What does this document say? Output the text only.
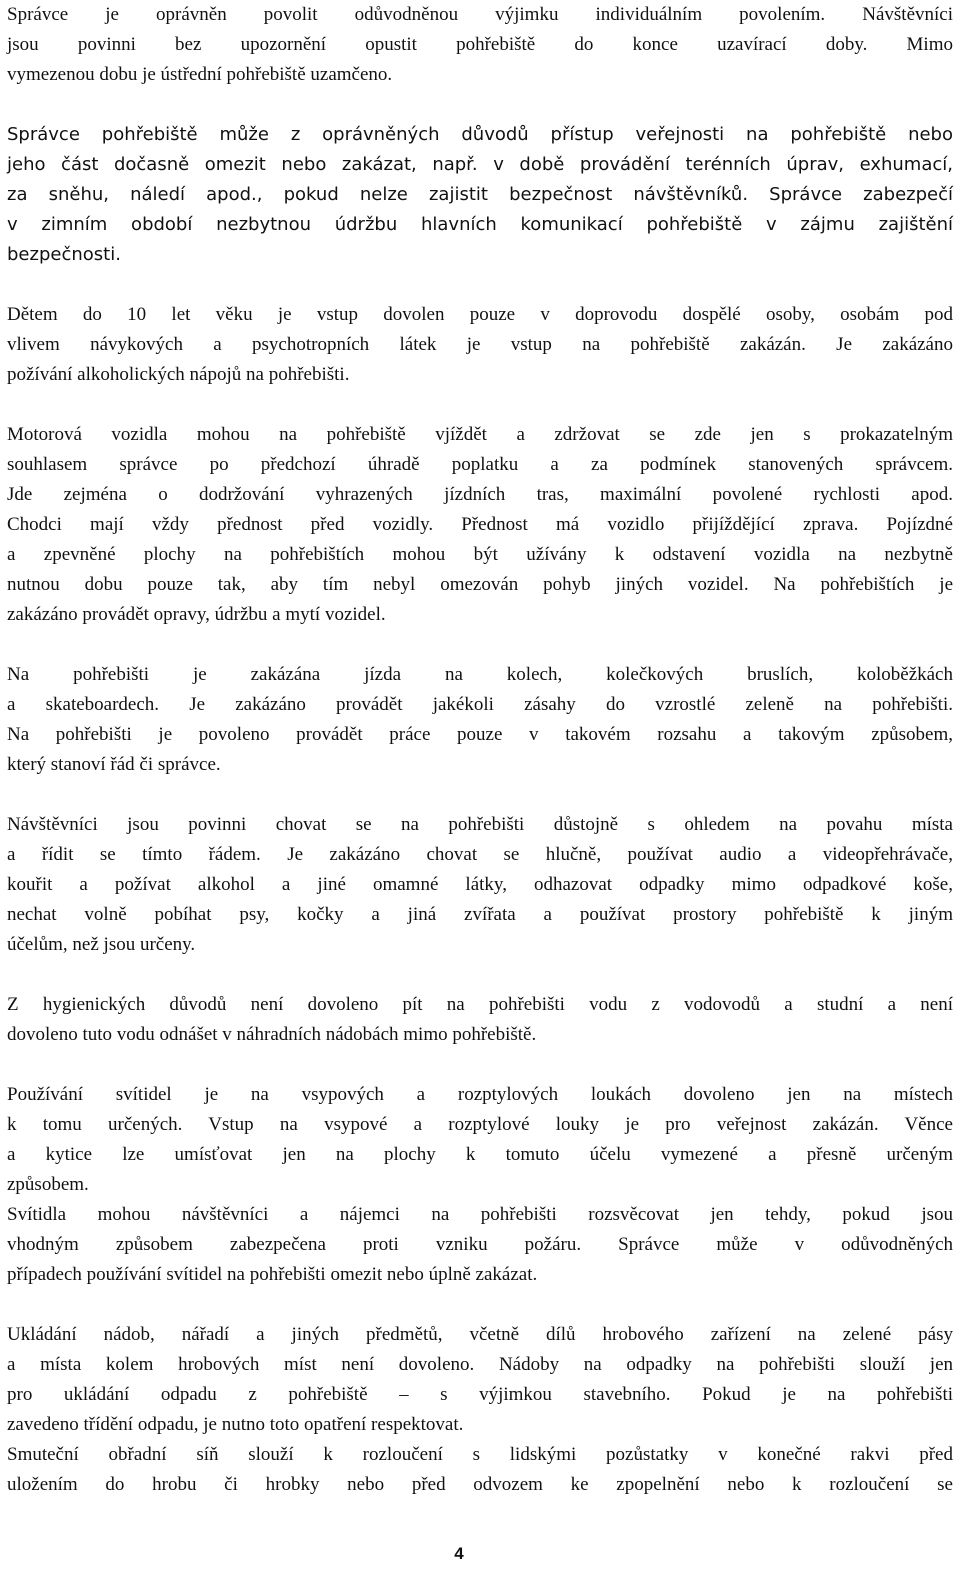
Správce je oprávněn povolit odůvodněnou výjimku individuálním povolením. Návštěvníci
jsou povinni bez upozornění opustit pohřebiště do konce uzavírací doby. Mimo
vymezenou dobu je ústřední pohřebiště uzamčeno.
Správce pohřebiště může z oprávněných důvodů přístup veřejnosti na pohřebiště nebo
jeho část dočasně omezit nebo zakázat, např. v době provádění terénních úprav, exhumací,
za sněhu, náledí apod., pokud nelze zajistit bezpečnost návštěvníků. Správce zabezpečí
v zimním období nezbytnou údržbu hlavních komunikací pohřebiště v zájmu zajištění
bezpečnosti.
Dětem do 10 let věku je vstup dovolen pouze v doprovodu dospělé osoby, osobám pod
vlivem návykových a psychotropních látek je vstup na pohřebiště zakázán. Je zakázáno
požívání alkoholických nápojů na pohřebišti.
Motorová vozidla mohou na pohřebiště vjíždět a zdržovat se zde jen s prokazatelným
souhlasem správce po předchozí úhradě poplatku a za podmínek stanovených správcem.
Jde zejména o dodržování vyhrazených jízdních tras, maximální povolené rychlosti apod.
Chodci mají vždy přednost před vozidly. Přednost má vozidlo přijíždějící zprava. Pojízdné
a zpevněné plochy na pohřebištích mohou být užívány k odstavení vozidla na nezbytně
nutnou dobu pouze tak, aby tím nebyl omezován pohyb jiných vozidel. Na pohřebištích je
zakázáno provádět opravy, údržbu a mytí vozidel.
Na pohřebišti je zakázána jízda na kolech, kolečkových bruslích, koloběžkách
a skateboardech. Je zakázáno provádět jakékoli zásahy do vzrostlé zeleně na pohřebišti.
Na pohřebišti je povoleno provádět práce pouze v takovém rozsahu a takovým způsobem,
který stanoví řád či správce.
Návštěvníci jsou povinni chovat se na pohřebišti důstojně s ohledem na povahu místa
a řídit se tímto řádem. Je zakázáno chovat se hlučně, používat audio a videopřehrávače,
kouřit a požívat alkohol a jiné omamné látky, odhazovat odpadky mimo odpadkové koše,
nechat volně pobíhat psy, kočky a jiná zvířata a používat prostory pohřebiště k jiným
účelům, než jsou určeny.
Z hygienických důvodů není dovoleno pít na pohřebišti vodu z vodovodů a studní a není
dovoleno tuto vodu odnášet v náhradních nádobách mimo pohřebiště.
Používání svítidel je na vsypových a rozptylových loukách dovoleno jen na místech
k tomu určených. Vstup na vsypové a rozptylové louky je pro veřejnost zakázán. Věnce
a kytice lze umísťovat jen na plochy k tomuto účelu vymezené a přesně určeným
způsobem.
Svítidla mohou návštěvníci a nájemci na pohřebišti rozsvěcovat jen tehdy, pokud jsou
vhodným způsobem zabezpečena proti vzniku požáru. Správce může v odůvodněných
případech používání svítidel na pohřebišti omezit nebo úplně zakázat.
Ukládání nádob, nářadí a jiných předmětů, včetně dílů hrobového zařízení na zelené pásy
a místa kolem hrobových míst není dovoleno. Nádoby na odpadky na pohřebišti slouží jen
pro ukládání odpadu z pohřebiště – s výjimkou stavebního. Pokud je na pohřebišti
zavedeno třídění odpadu, je nutno toto opatření respektovat.
Smuteční obřadní síň slouží k rozloučení s lidskými pozůstatky v konečné rakvi před
uložením do hrobu či hrobky nebo před odvozem ke zpopelnění nebo k rozloučení se
4
